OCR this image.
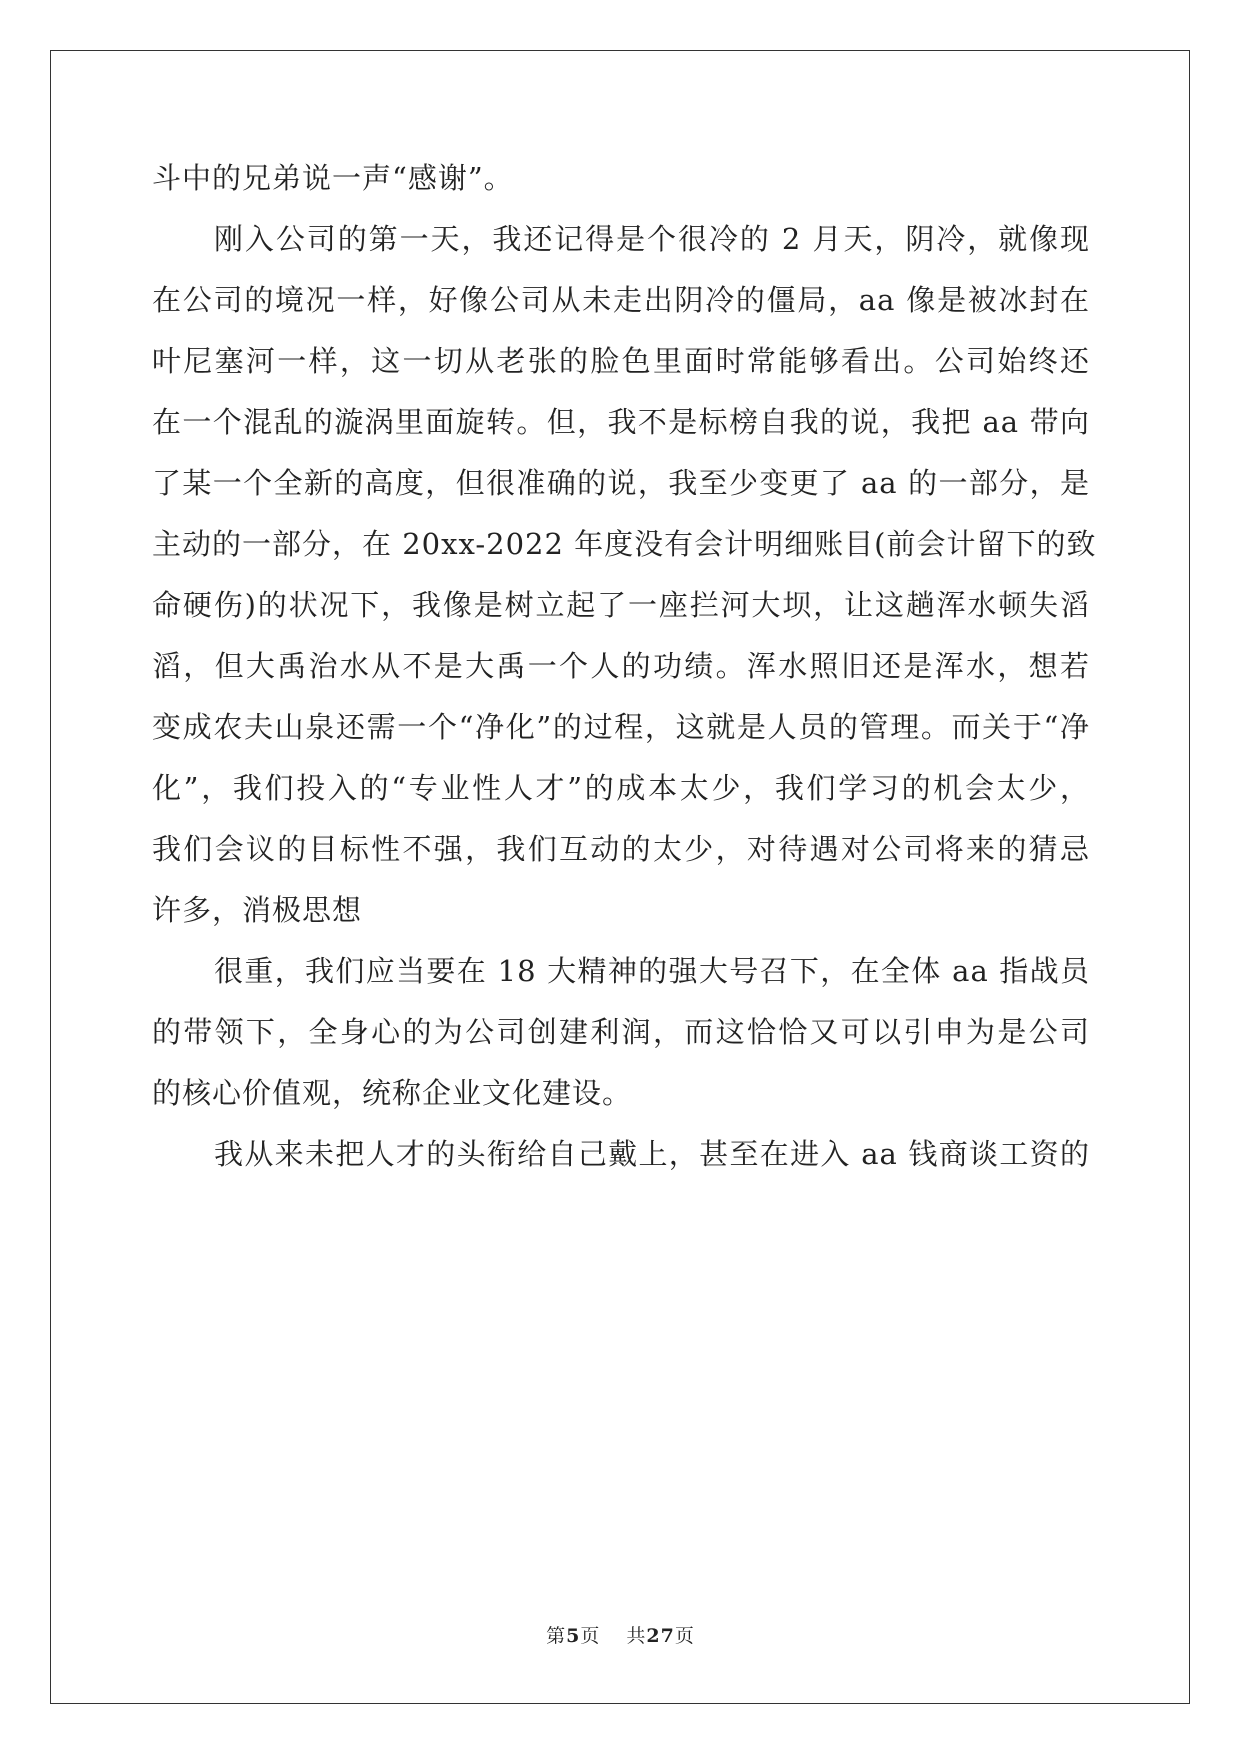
斗中的兄弟说一声“感谢”。
刚入公司的第一天，我还记得是个很冷的 2 月天，阴冷，就像现
在公司的境况一样，好像公司从未走出阴冷的僵局，aa 像是被冰封在
叶尼塞河一样，这一切从老张的脸色里面时常能够看出。公司始终还
在一个混乱的漩涡里面旋转。但，我不是标榜自我的说，我把 aa 带向
了某一个全新的高度，但很准确的说，我至少变更了 aa 的一部分，是
主动的一部分，在 20xx-2022 年度没有会计明细账目(前会计留下的致
命硬伤)的状况下，我像是树立起了一座拦河大坝，让这趟浑水顿失滔
滔，但大禹治水从不是大禹一个人的功绩。浑水照旧还是浑水，想若
变成农夫山泉还需一个“净化”的过程，这就是人员的管理。而关于“净
化”，我们投入的“专业性人才”的成本太少，我们学习的机会太少，
我们会议的目标性不强，我们互动的太少，对待遇对公司将来的猜忌
许多，消极思想
很重，我们应当要在 18 大精神的强大号召下，在全体 aa 指战员
的带领下，全身心的为公司创建利润，而这恰恰又可以引申为是公司
的核心价值观，统称企业文化建设。
我从来未把人才的头衔给自己戴上，甚至在进入 aa 钱商谈工资的
第5页 共27页
